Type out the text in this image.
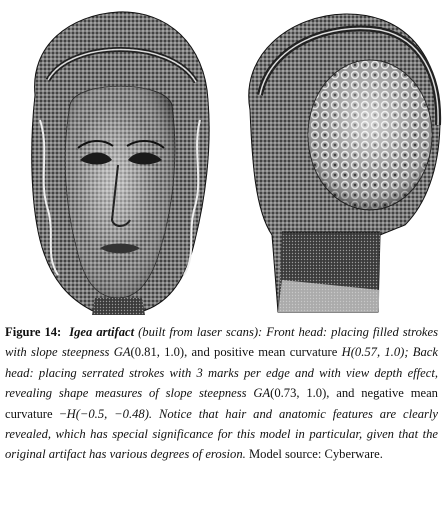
Figure 14: Igea artifact (built from laser scans): Front head: placing filled strokes with slope steepness GA(0.81, 1.0), and positive mean curvature H(0.57, 1.0); Back head: placing serrated strokes with 3 marks per edge and with view depth effect, revealing shape measures of slope steepness GA(0.73, 1.0), and negative mean curvature −H(−0.5, −0.48). Notice that hair and anatomic features are clearly revealed, which has special significance for this model in particular, given that the original artifact has various degrees of erosion. Model source: Cyberware.
